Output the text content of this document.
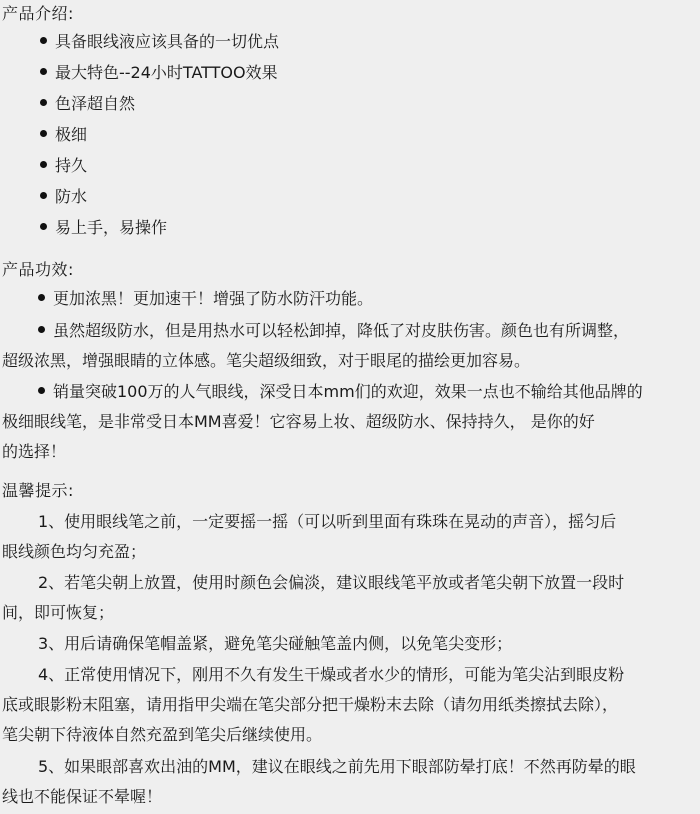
产品介绍:
具备眼线液应该具备的一切优点
最大特色--24小时TATTOO效果
色泽超自然
极细
持久
防水
易上手，易操作
产品功效:
更加浓黑！更加速干！增强了防水防汗功能。
虽然超级防水，但是用热水可以轻松卸掉，降低了对皮肤伤害。颜色也有所调整，
超级浓黑，增强眼睛的立体感。笔尖超级细致，对于眼尾的描绘更加容易。
销量突破100万的人气眼线，深受日本mm们的欢迎，效果一点也不输给其他品牌的
极细眼线笔，是非常受日本MM喜爱！它容易上妆、超级防水、保持持久， 是你的好
的选择！
温馨提示:
1、使用眼线笔之前，一定要摇一摇（可以听到里面有珠珠在晃动的声音），摇匀后
眼线颜色均匀充盈；
2、若笔尖朝上放置，使用时颜色会偏淡，建议眼线笔平放或者笔尖朝下放置一段时
间，即可恢复；
3、用后请确保笔帽盖紧，避免笔尖碰触笔盖内侧，以免笔尖变形；
4、正常使用情况下，刚用不久有发生干燥或者水少的情形，可能为笔尖沾到眼皮粉
底或眼影粉末阻塞，请用指甲尖端在笔尖部分把干燥粉末去除（请勿用纸类擦拭去除），
笔尖朝下待液体自然充盈到笔尖后继续使用。
5、如果眼部喜欢出油的MM，建议在眼线之前先用下眼部防晕打底！不然再防晕的眼
线也不能保证不晕喔！
